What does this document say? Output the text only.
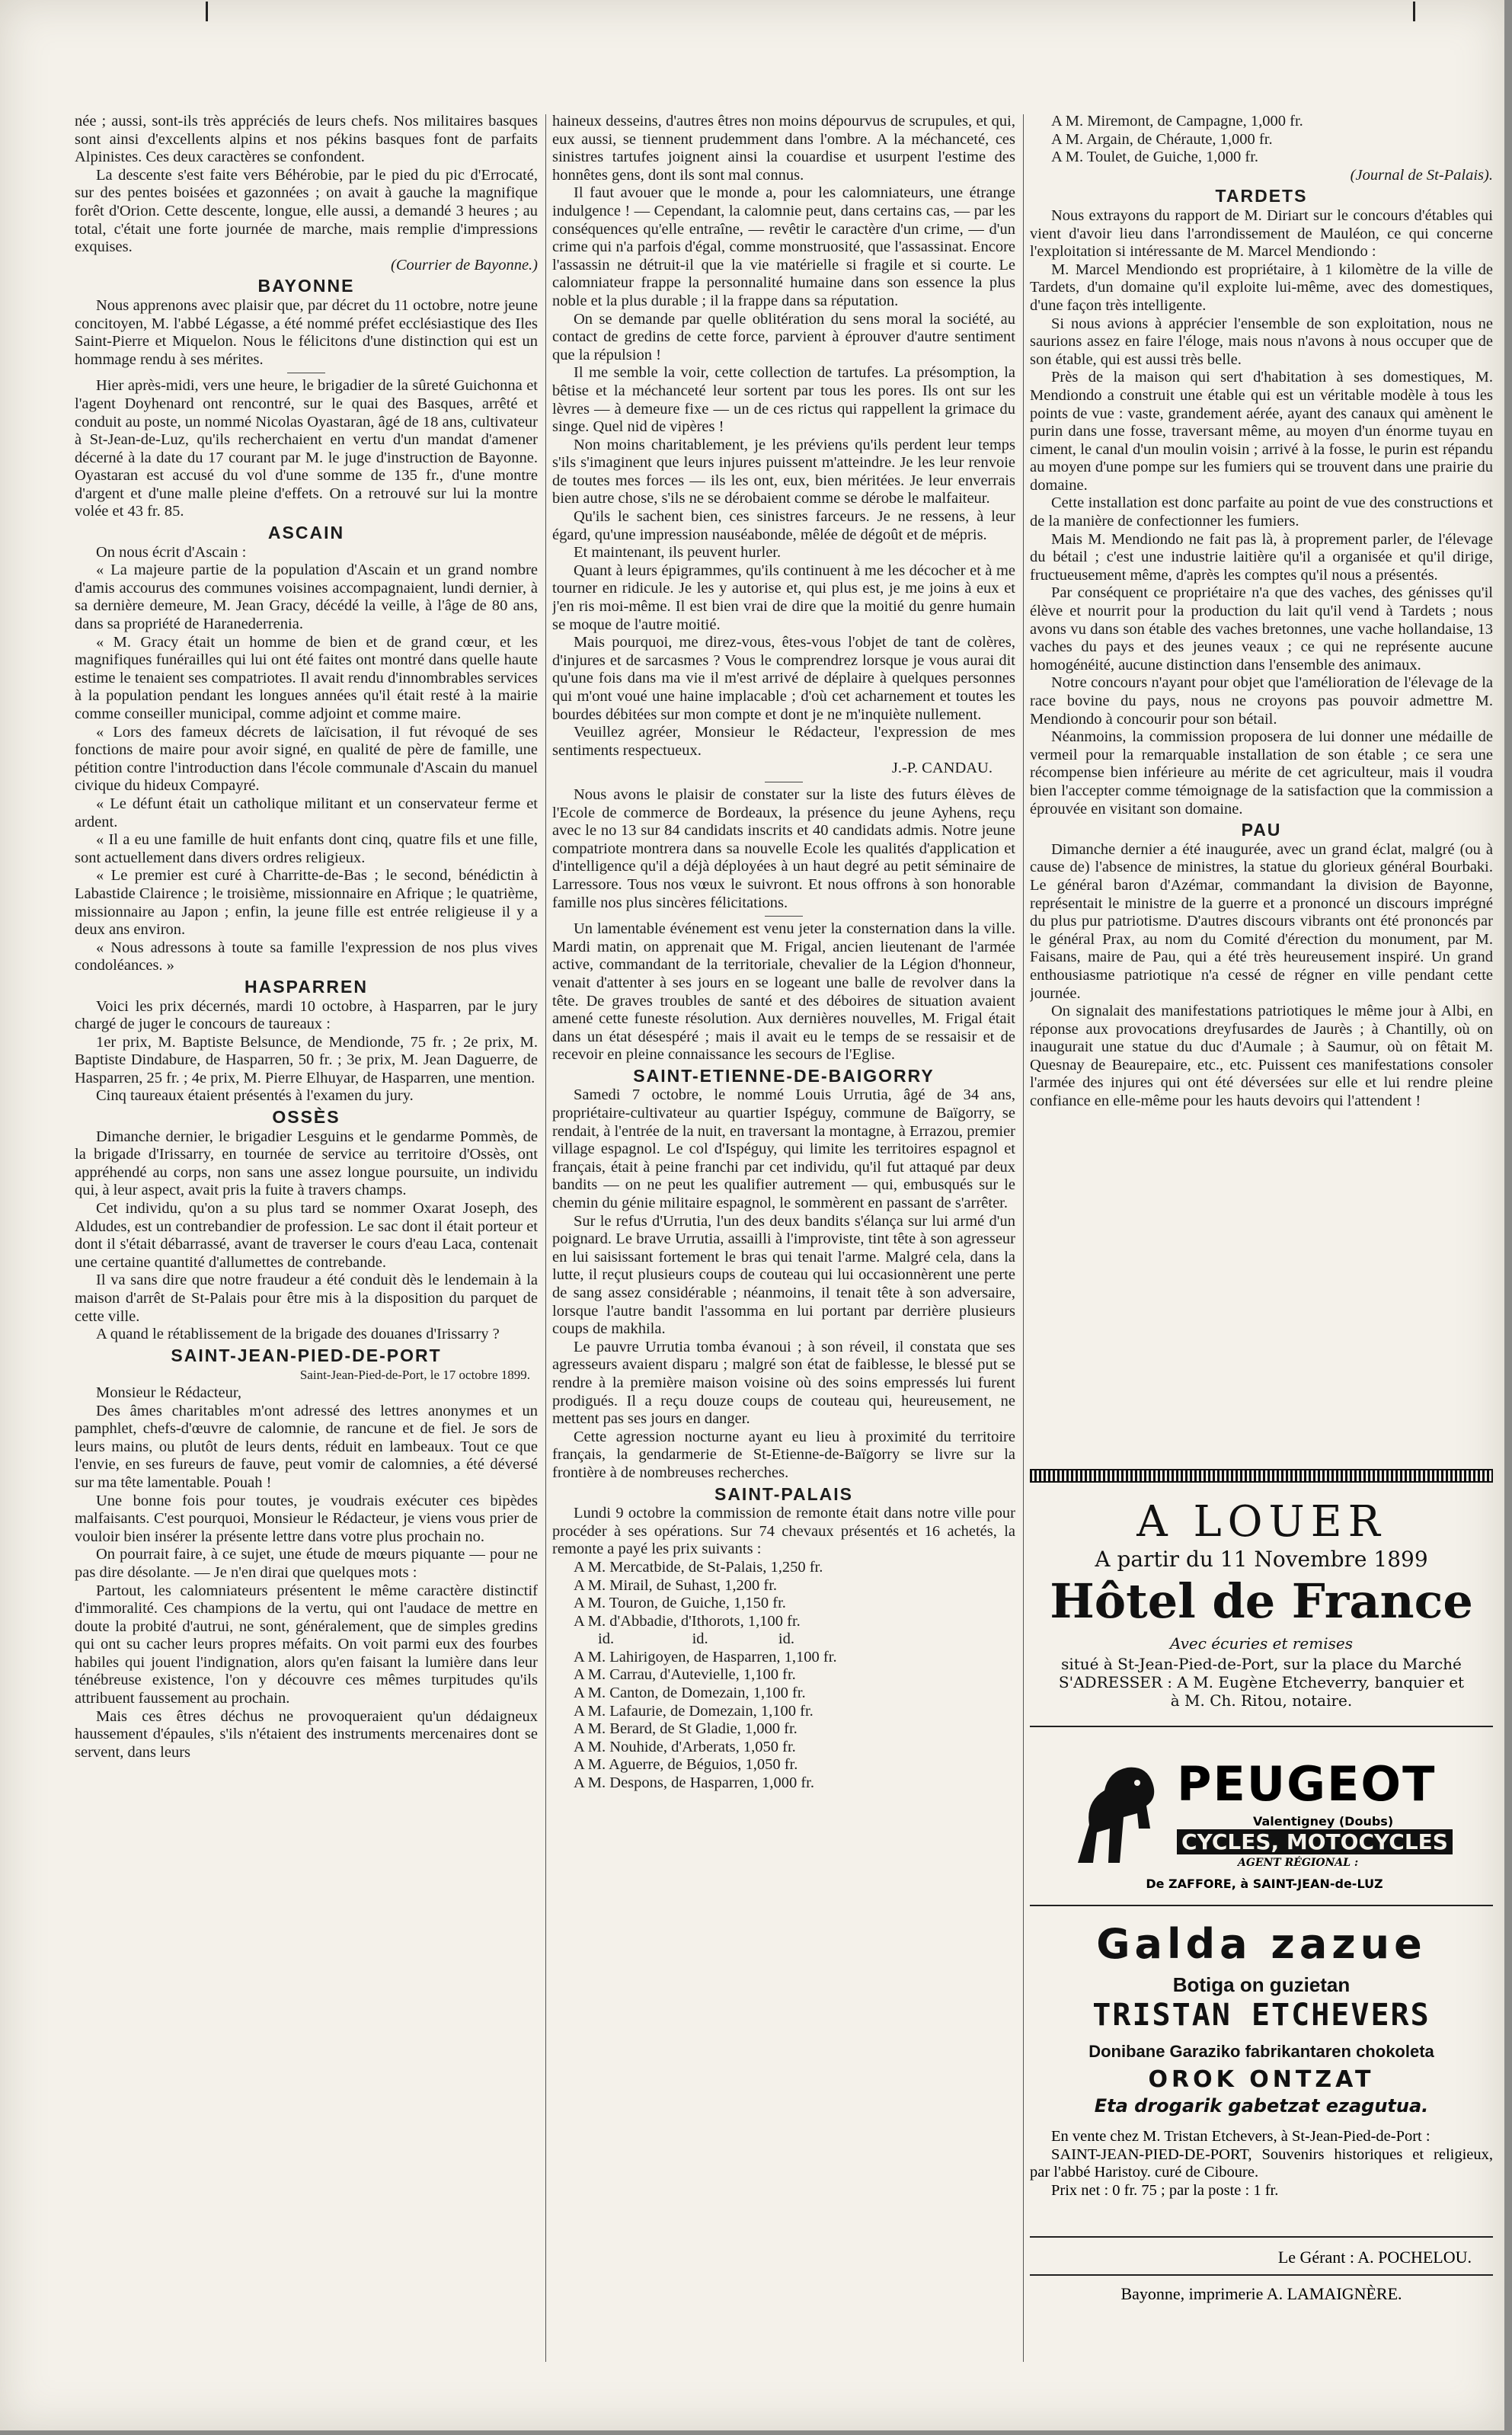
née ; aussi, sont-ils très appréciés de leurs chefs. Nos militaires basques sont ainsi d'excellents alpins et nos pékins basques font de parfaits Alpinistes. Ces deux caractères se confondent.

La descente s'est faite vers Béhérobie, par le pied du pic d'Errocaté, sur des pentes boisées et gazonnées ; on avait à gauche la magnifique forêt d'Orion. Cette descente, longue, elle aussi, a demandé 3 heures ; au total, c'était une forte journée de marche, mais remplie d'impressions exquises.

(Courrier de Bayonne.)

BAYONNE

Nous apprenons avec plaisir que, par décret du 11 octobre, notre jeune concitoyen, M. l'abbé Légasse, a été nommé préfet ecclésiastique des Iles Saint-Pierre et Miquelon. Nous le félicitons d'une distinction qui est un hommage rendu à ses mérites.

Hier après-midi, vers une heure, le brigadier de la sûreté Guichonna et l'agent Doyhenard ont rencontré, sur le quai des Basques, arrêté et conduit au poste, un nommé Nicolas Oyastaran, âgé de 18 ans, cultivateur à St-Jean-de-Luz, qu'ils recherchaient en vertu d'un mandat d'amener décerné à la date du 17 courant par M. le juge d'instruction de Bayonne. Oyastaran est accusé du vol d'une somme de 135 fr., d'une montre d'argent et d'une malle pleine d'effets. On a retrouvé sur lui la montre volée et 43 fr. 85.

ASCAIN

On nous écrit d'Ascain :

« La majeure partie de la population d'Ascain et un grand nombre d'amis accourus des communes voisines accompagnaient, lundi dernier, à sa dernière demeure, M. Jean Gracy, décédé la veille, à l'âge de 80 ans, dans sa propriété de Haranederrenia.

« M. Gracy était un homme de bien et de grand cœur, et les magnifiques funérailles qui lui ont été faites ont montré dans quelle haute estime le tenaient ses compatriotes. Il avait rendu d'innombrables services à la population pendant les longues années qu'il était resté à la mairie comme conseiller municipal, comme adjoint et comme maire.

« Lors des fameux décrets de laïcisation, il fut révoqué de ses fonctions de maire pour avoir signé, en qualité de père de famille, une pétition contre l'introduction dans l'école communale d'Ascain du manuel civique du hideux Compayré.

« Le défunt était un catholique militant et un conservateur ferme et ardent.

« Il a eu une famille de huit enfants dont cinq, quatre fils et une fille, sont actuellement dans divers ordres religieux.

« Le premier est curé à Charritte-de-Bas ; le second, bénédictin à Labastide Clairence ; le troisième, missionnaire en Afrique ; le quatrième, missionnaire au Japon ; enfin, la jeune fille est entrée religieuse il y a deux ans environ.

« Nous adressons à toute sa famille l'expression de nos plus vives condoléances. »

HASPARREN

Voici les prix décernés, mardi 10 octobre, à Hasparren, par le jury chargé de juger le concours de taureaux :

1er prix, M. Baptiste Belsunce, de Mendionde, 75 fr. ; 2e prix, M. Baptiste Dindabure, de Hasparren, 50 fr. ; 3e prix, M. Jean Daguerre, de Hasparren, 25 fr. ; 4e prix, M. Pierre Elhuyar, de Hasparren, une mention.

Cinq taureaux étaient présentés à l'examen du jury.

OSSÈS

Dimanche dernier, le brigadier Lesguins et le gendarme Pommès, de la brigade d'Irissarry, en tournée de service au territoire d'Ossès, ont appréhendé au corps, non sans une assez longue poursuite, un individu qui, à leur aspect, avait pris la fuite à travers champs.

Cet individu, qu'on a su plus tard se nommer Oxarat Joseph, des Aldudes, est un contrebandier de profession. Le sac dont il était porteur et dont il s'était débarrassé, avant de traverser le cours d'eau Laca, contenait une certaine quantité d'allumettes de contrebande.

Il va sans dire que notre fraudeur a été conduit dès le lendemain à la maison d'arrêt de St-Palais pour être mis à la disposition du parquet de cette ville.

A quand le rétablissement de la brigade des douanes d'Irissarry ?

SAINT-JEAN-PIED-DE-PORT

Saint-Jean-Pied-de-Port, le 17 octobre 1899.

Monsieur le Rédacteur,

Des âmes charitables m'ont adressé des lettres anonymes et un pamphlet, chefs-d'œuvre de calomnie, de rancune et de fiel. Je sors de leurs mains, ou plutôt de leurs dents, réduit en lambeaux. Tout ce que l'envie, en ses fureurs de fauve, peut vomir de calomnies, a été déversé sur ma tête lamentable. Pouah !

Une bonne fois pour toutes, je voudrais exécuter ces bipèdes malfaisants. C'est pourquoi, Monsieur le Rédacteur, je viens vous prier de vouloir bien insérer la présente lettre dans votre plus prochain no.

On pourrait faire, à ce sujet, une étude de mœurs piquante — pour ne pas dire désolante. — Je n'en dirai que quelques mots :

Partout, les calomniateurs présentent le même caractère distinctif d'immoralité. Ces champions de la vertu, qui ont l'audace de mettre en doute la probité d'autrui, ne sont, généralement, que de simples gredins qui ont su cacher leurs propres méfaits. On voit parmi eux des fourbes habiles qui jouent l'indignation, alors qu'en faisant la lumière dans leur ténébreuse existence, l'on y découvre ces mêmes turpitudes qu'ils attribuent faussement au prochain.

Mais ces êtres déchus ne provoqueraient qu'un dédaigneux haussement d'épaules, s'ils n'étaient des instruments mercenaires dont se servent, dans leurs

haineux desseins, d'autres êtres non moins dépourvus de scrupules, et qui, eux aussi, se tiennent prudemment dans l'ombre. A la méchanceté, ces sinistres tartufes joignent ainsi la couardise et usurpent l'estime des honnêtes gens, dont ils sont mal connus.

Il faut avouer que le monde a, pour les calomniateurs, une étrange indulgence ! — Cependant, la calomnie peut, dans certains cas, — par les conséquences qu'elle entraîne, — revêtir le caractère d'un crime, — d'un crime qui n'a parfois d'égal, comme monstruosité, que l'assassinat. Encore l'assassin ne détruit-il que la vie matérielle si fragile et si courte. Le calomniateur frappe la personnalité humaine dans son essence la plus noble et la plus durable ; il la frappe dans sa réputation.

On se demande par quelle oblitération du sens moral la société, au contact de gredins de cette force, parvient à éprouver d'autre sentiment que la répulsion !

Il me semble la voir, cette collection de tartufes. La présomption, la bêtise et la méchanceté leur sortent par tous les pores. Ils ont sur les lèvres — à demeure fixe — un de ces rictus qui rappellent la grimace du singe. Quel nid de vipères !

Non moins charitablement, je les préviens qu'ils perdent leur temps s'ils s'imaginent que leurs injures puissent m'atteindre. Je les leur renvoie de toutes mes forces — ils les ont, eux, bien méritées. Je leur enverrais bien autre chose, s'ils ne se dérobaient comme se dérobe le malfaiteur.

Qu'ils le sachent bien, ces sinistres farceurs. Je ne ressens, à leur égard, qu'une impression nauséabonde, mêlée de dégoût et de mépris.

Et maintenant, ils peuvent hurler.

Quant à leurs épigrammes, qu'ils continuent à me les décocher et à me tourner en ridicule. Je les y autorise et, qui plus est, je me joins à eux et j'en ris moi-même. Il est bien vrai de dire que la moitié du genre humain se moque de l'autre moitié.

Mais pourquoi, me direz-vous, êtes-vous l'objet de tant de colères, d'injures et de sarcasmes ? Vous le comprendrez lorsque je vous aurai dit qu'une fois dans ma vie il m'est arrivé de déplaire à quelques personnes qui m'ont voué une haine implacable ; d'où cet acharnement et toutes les bourdes débitées sur mon compte et dont je ne m'inquiète nullement.

Veuillez agréer, Monsieur le Rédacteur, l'expression de mes sentiments respectueux.

J.-P. CANDAU.

Nous avons le plaisir de constater sur la liste des futurs élèves de l'Ecole de commerce de Bordeaux, la présence du jeune Ayhens, reçu avec le no 13 sur 84 candidats inscrits et 40 candidats admis. Notre jeune compatriote montrera dans sa nouvelle Ecole les qualités d'application et d'intelligence qu'il a déjà déployées à un haut degré au petit séminaire de Larressore. Tous nos vœux le suivront. Et nous offrons à son honorable famille nos plus sincères félicitations.

Un lamentable événement est venu jeter la consternation dans la ville. Mardi matin, on apprenait que M. Frigal, ancien lieutenant de l'armée active, commandant de la territoriale, chevalier de la Légion d'honneur, venait d'attenter à ses jours en se logeant une balle de revolver dans la tête. De graves troubles de santé et des déboires de situation avaient amené cette funeste résolution. Aux dernières nouvelles, M. Frigal était dans un état désespéré ; mais il avait eu le temps de se ressaisir et de recevoir en pleine connaissance les secours de l'Eglise.

SAINT-ETIENNE-DE-BAIGORRY

Samedi 7 octobre, le nommé Louis Urrutia, âgé de 34 ans, propriétaire-cultivateur au quartier Ispéguy, commune de Baïgorry, se rendait, à l'entrée de la nuit, en traversant la montagne, à Errazou, premier village espagnol. Le col d'Ispéguy, qui limite les territoires espagnol et français, était à peine franchi par cet individu, qu'il fut attaqué par deux bandits — on ne peut les qualifier autrement — qui, embusqués sur le chemin du génie militaire espagnol, le sommèrent en passant de s'arrêter.

Sur le refus d'Urrutia, l'un des deux bandits s'élança sur lui armé d'un poignard. Le brave Urrutia, assailli à l'improviste, tint tête à son agresseur en lui saisissant fortement le bras qui tenait l'arme. Malgré cela, dans la lutte, il reçut plusieurs coups de couteau qui lui occasionnèrent une perte de sang assez considérable ; néanmoins, il tenait tête à son adversaire, lorsque l'autre bandit l'assomma en lui portant par derrière plusieurs coups de makhila.

Le pauvre Urrutia tomba évanoui ; à son réveil, il constata que ses agresseurs avaient disparu ; malgré son état de faiblesse, le blessé put se rendre à la première maison voisine où des soins empressés lui furent prodigués. Il a reçu douze coups de couteau qui, heureusement, ne mettent pas ses jours en danger.

Cette agression nocturne ayant eu lieu à proximité du territoire français, la gendarmerie de St-Etienne-de-Baïgorry se livre sur la frontière à de nombreuses recherches.

SAINT-PALAIS

Lundi 9 octobre la commission de remonte était dans notre ville pour procéder à ses opérations. Sur 74 chevaux présentés et 16 achetés, la remonte a payé les prix suivants :

A M. Mercatbide, de St-Palais, 1,250 fr.

A M. Mirail, de Suhast, 1,200 fr.

A M. Touron, de Guiche, 1,150 fr.

A M. d'Abbadie, d'Ithorots, 1,100 fr.

id.                    id.                  id.

A M. Lahirigoyen, de Hasparren, 1,100 fr.

A M. Carrau, d'Autevielle, 1,100 fr.

A M. Canton, de Domezain, 1,100 fr.

A M. Lafaurie, de Domezain, 1,100 fr.

A M. Berard, de St Gladie, 1,000 fr.

A M. Nouhide, d'Arberats, 1,050 fr.

A M. Aguerre, de Béguios, 1,050 fr.

A M. Despons, de Hasparren, 1,000 fr.

A M. Miremont, de Campagne, 1,000 fr.

A M. Argain, de Chéraute, 1,000 fr.

A M. Toulet, de Guiche, 1,000 fr.

(Journal de St-Palais).

TARDETS

Nous extrayons du rapport de M. Diriart sur le concours d'étables qui vient d'avoir lieu dans l'arrondissement de Mauléon, ce qui concerne l'exploitation si intéressante de M. Marcel Mendiondo :

M. Marcel Mendiondo est propriétaire, à 1 kilomètre de la ville de Tardets, d'un domaine qu'il exploite lui-même, avec des domestiques, d'une façon très intelligente.

Si nous avions à apprécier l'ensemble de son exploitation, nous ne saurions assez en faire l'éloge, mais nous n'avons à nous occuper que de son étable, qui est aussi très belle.

Près de la maison qui sert d'habitation à ses domestiques, M. Mendiondo a construit une étable qui est un véritable modèle à tous les points de vue : vaste, grandement aérée, ayant des canaux qui amènent le purin dans une fosse, traversant même, au moyen d'un énorme tuyau en ciment, le canal d'un moulin voisin ; arrivé à la fosse, le purin est répandu au moyen d'une pompe sur les fumiers qui se trouvent dans une prairie du domaine.

Cette installation est donc parfaite au point de vue des constructions et de la manière de confectionner les fumiers.

Mais M. Mendiondo ne fait pas là, à proprement parler, de l'élevage du bétail ; c'est une industrie laitière qu'il a organisée et qu'il dirige, fructueusement même, d'après les comptes qu'il nous a présentés.

Par conséquent ce propriétaire n'a que des vaches, des génisses qu'il élève et nourrit pour la production du lait qu'il vend à Tardets ; nous avons vu dans son étable des vaches bretonnes, une vache hollandaise, 13 vaches du pays et des jeunes veaux ; ce qui ne représente aucune homogénéité, aucune distinction dans l'ensemble des animaux.

Notre concours n'ayant pour objet que l'amélioration de l'élevage de la race bovine du pays, nous ne croyons pas pouvoir admettre M. Mendiondo à concourir pour son bétail.

Néanmoins, la commission proposera de lui donner une médaille de vermeil pour la remarquable installation de son étable ; ce sera une récompense bien inférieure au mérite de cet agriculteur, mais il voudra bien l'accepter comme témoignage de la satisfaction que la commission a éprouvée en visitant son domaine.

PAU

Dimanche dernier a été inaugurée, avec un grand éclat, malgré (ou à cause de) l'absence de ministres, la statue du glorieux général Bourbaki. Le général baron d'Azémar, commandant la division de Bayonne, représentait le ministre de la guerre et a prononcé un discours imprégné du plus pur patriotisme. D'autres discours vibrants ont été prononcés par le général Prax, au nom du Comité d'érection du monument, par M. Faisans, maire de Pau, qui a été très heureusement inspiré. Un grand enthousiasme patriotique n'a cessé de régner en ville pendant cette journée.

On signalait des manifestations patriotiques le même jour à Albi, en réponse aux provocations dreyfusardes de Jaurès ; à Chantilly, où on inaugurait une statue du duc d'Aumale ; à Saumur, où on fêtait M. Quesnay de Beaurepaire, etc., etc. Puissent ces manifestations consoler l'armée des injures qui ont été déversées sur elle et lui rendre pleine confiance en elle-même pour les hauts devoirs qui l'attendent !

A LOUER
A partir du 11 Novembre 1899
Hôtel de France
Avec écuries et remises
situé à St-Jean-Pied-de-Port, sur la place du Marché
S'ADRESSER : A M. Eugène Etcheverry, banquier et
à M. Ch. Ritou, notaire.
PEUGEOT
Valentigney (Doubs)
CYCLES, MOTOCYCLES
AGENT RÉGIONAL :
De ZAFFORE, à SAINT-JEAN-de-LUZ
Galda zazue
Botiga on guzietan
TRISTAN ETCHEVERS
Donibane Garaziko fabrikantaren chokoleta
OROK ONTZAT
Eta drogarik gabetzat ezagutua.

En vente chez M. Tristan Etchevers, à St-Jean-Pied-de-Port :

SAINT-JEAN-PIED-DE-PORT, Souvenirs historiques et religieux, par l'abbé Haristoy. curé de Ciboure.

Prix net : 0 fr. 75 ; par la poste : 1 fr.

Le Gérant : A. POCHELOU.
Bayonne, imprimerie A. LAMAIGNÈRE.
